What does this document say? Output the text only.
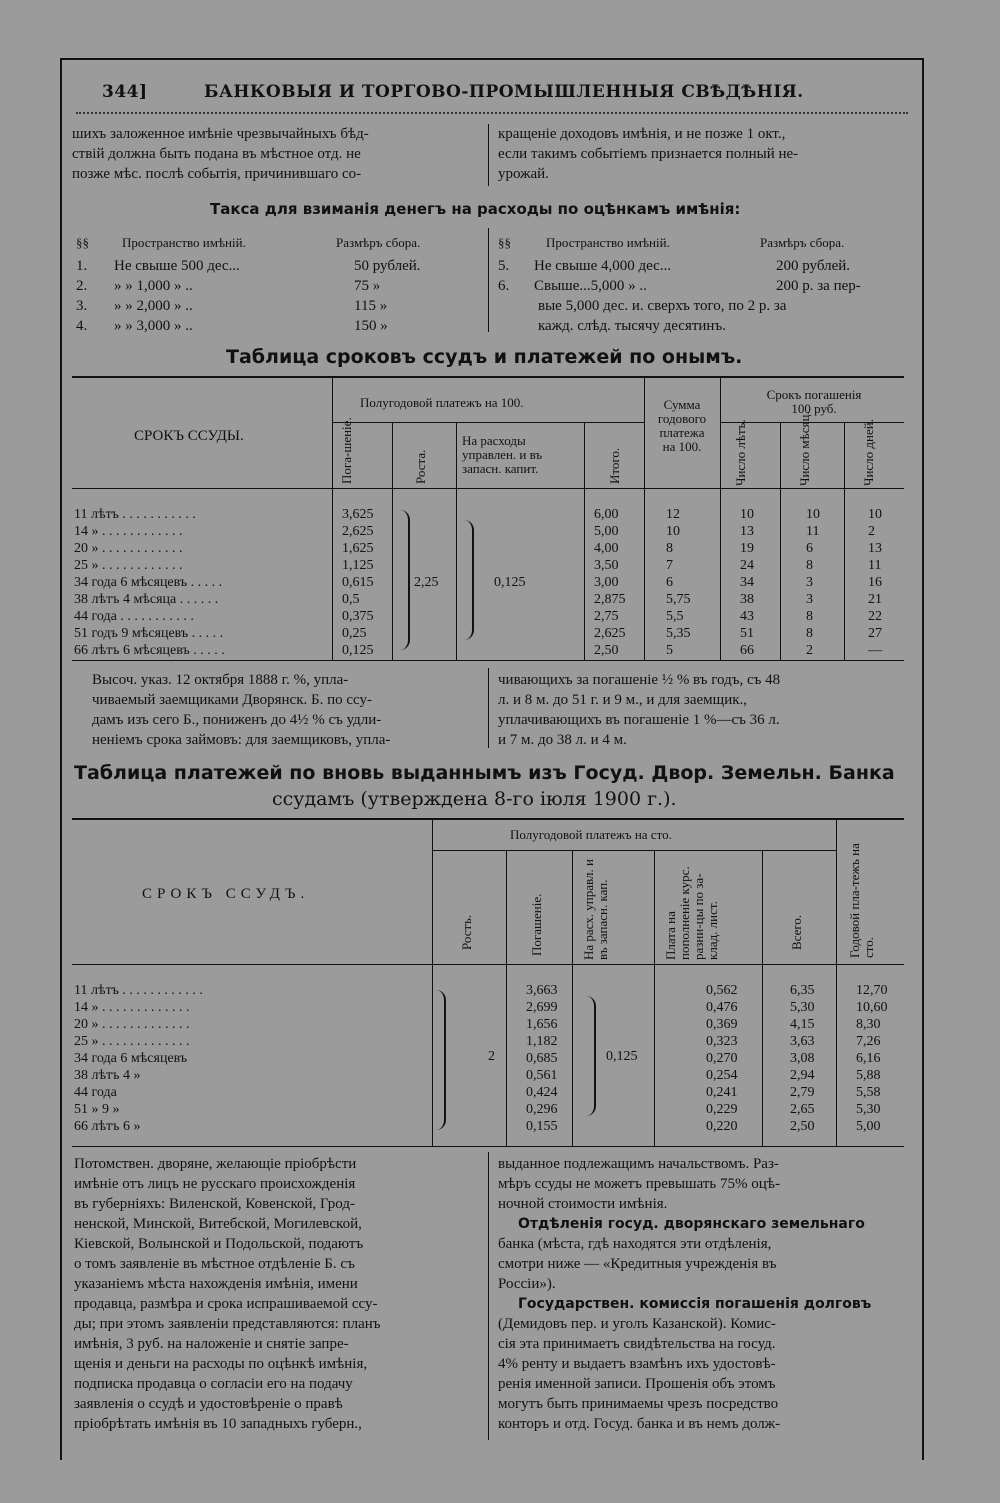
344]	БАНКОВЫЯ И ТОРГОВО-ПРОМЫШЛЕННЫЯ СВѢДѢНІЯ.
шихъ заложенное имѣніе чрезвычайныхъ бѣд-
ствій должна быть подана въ мѣстное отд. не
позже мѣс. послѣ событія, причинившаго со-
кращеніе доходовъ имѣнія, и не позже 1 окт.,
если такимъ событіемъ признается полный не-
урожай.
Такса для взиманія денегъ на расходы по оцѣнкамъ имѣнія:
§§	Пространство имѣній.	Размѣръ сбора.
1. Не свыше 500 дес...	50 рублей.
2. » » 1,000 » ..	75 »
3. » » 2,000 » ..	115 »
4. » » 3,000 » ..	150 »
§§	Пространство имѣній.	Размѣръ сбора.
5. Не свыше 4,000 дес...	200 рублей.
6. Свыше...5,000 » ..	200 р. за пер-
вые 5,000 дес. и. сверхъ того, по 2 р. за
кажд. слѣд. тысячу десятинъ.
Таблица сроковъ ссудъ и платежей по онымъ.
СРОКЪ ССУДЫ.
Полугодовой платежъ на 100.
Пога-шеніе.	Роста.
На расходы
управлен. и въ
запасн. капит.	Итого.
Сумма
годового
платежа
на 100.
Срокъ погашенія
100 руб.
Число лѣтъ.	Число мѣсяц.	Число дней.
11 лѣтъ . . . . . . . . . . .	3,625	6,00	12	10	10	10
14 » . . . . . . . . . . . .	2,625	5,00	10	13	11	2
20 » . . . . . . . . . . . .	1,625	4,00	8	19	6	13
25 » . . . . . . . . . . . .	1,125	3,50	7	24	8	11
34 года 6 мѣсяцевъ . . . . .	0,615	3,00	6	34	3	16
38 лѣтъ 4 мѣсяца . . . . . .	0,5	2,875	5,75	38	3	21
44 года . . . . . . . . . . .	0,375	2,75	5,5	43	8	22
51 годъ 9 мѣсяцевъ . . . . .	0,25	2,625	5,35	51	8	27
66 лѣтъ 6 мѣсяцевъ . . . . .	0,125	2,50	5	66	2	—
2,25	0,125
Высоч. указ. 12 октября 1888 г. %, упла-
чиваемый заемщиками Дворянск. Б. по ссу-
дамъ изъ сего Б., пониженъ до 4½ % съ удли-
неніемъ срока займовъ: для заемщиковъ, упла-
чивающихъ за погашеніе ½ % въ годъ, съ 48
л. и 8 м. до 51 г. и 9 м., и для заемщик.,
уплачивающихъ въ погашеніе 1 %—съ 36 л.
и 7 м. до 38 л. и 4 м.
Таблица платежей по вновь выданнымъ изъ Госуд. Двор. Земельн. Банка
ссудамъ (утверждена 8-го іюля 1900 г.).
СРОКЪ ССУДЪ.
Полугодовой платежъ на сто.
Ростъ.	Погашеніе.	На расх. управл. и въ запасн. кап.	Плата на пополненіе курс. разни-цы по за-клад. лист.	Всего.	Годовой пла-тежъ на сто.
11 лѣтъ . . . . . . . . . . . .	3,663	0,562	6,35	12,70
14 » . . . . . . . . . . . . .	2,699	0,476	5,30	10,60
20 » . . . . . . . . . . . . .	1,656	0,369	4,15	8,30
25 » . . . . . . . . . . . . .	1,182	0,323	3,63	7,26
34 года 6 мѣсяцевъ	0,685	0,270	3,08	6,16
38 лѣтъ 4 »	0,561	0,254	2,94	5,88
44 года	0,424	0,241	2,79	5,58
51 » 9 »	0,296	0,229	2,65	5,30
66 лѣтъ 6 »	0,155	0,220	2,50	5,00
2	0,125
Потомствен. дворяне, желающіе пріобрѣсти
имѣніе отъ лицъ не русскаго происхожденія
въ губерніяхъ: Виленской, Ковенской, Грод-
ненской, Минской, Витебской, Могилевской,
Кіевской, Волынской и Подольской, подаютъ
о томъ заявленіе въ мѣстное отдѣленіе Б. съ
указаніемъ мѣста нахожденія имѣнія, имени
продавца, размѣра и срока испрашиваемой ссу-
ды; при этомъ заявленіи представляются: планъ
имѣнія, 3 руб. на наложеніе и снятіе запре-
щенія и деньги на расходы по оцѣнкѣ имѣнія,
подписка продавца о согласіи его на подачу
заявленія о ссудѣ и удостовѣреніе о правѣ
пріобрѣтать имѣнія въ 10 западныхъ губерн.,
выданное подлежащимъ начальствомъ. Раз-
мѣръ ссуды не можетъ превышать 75% оцѣ-
ночной стоимости имѣнія.
Отдѣленія госуд. дворянскаго земельнаго
банка (мѣста, гдѣ находятся эти отдѣленія,
смотри ниже — «Кредитныя учрежденія въ
Россіи»).
Государствен. комиссія погашенія долговъ
(Демидовъ пер. и уголъ Казанской). Комис-
сія эта принимаетъ свидѣтельства на госуд.
4% ренту и выдаетъ взамѣнъ ихъ удостовѣ-
ренія именной записи. Прошенія объ этомъ
могутъ быть принимаемы чрезъ посредство
конторъ и отд. Госуд. банка и въ немъ долж-
